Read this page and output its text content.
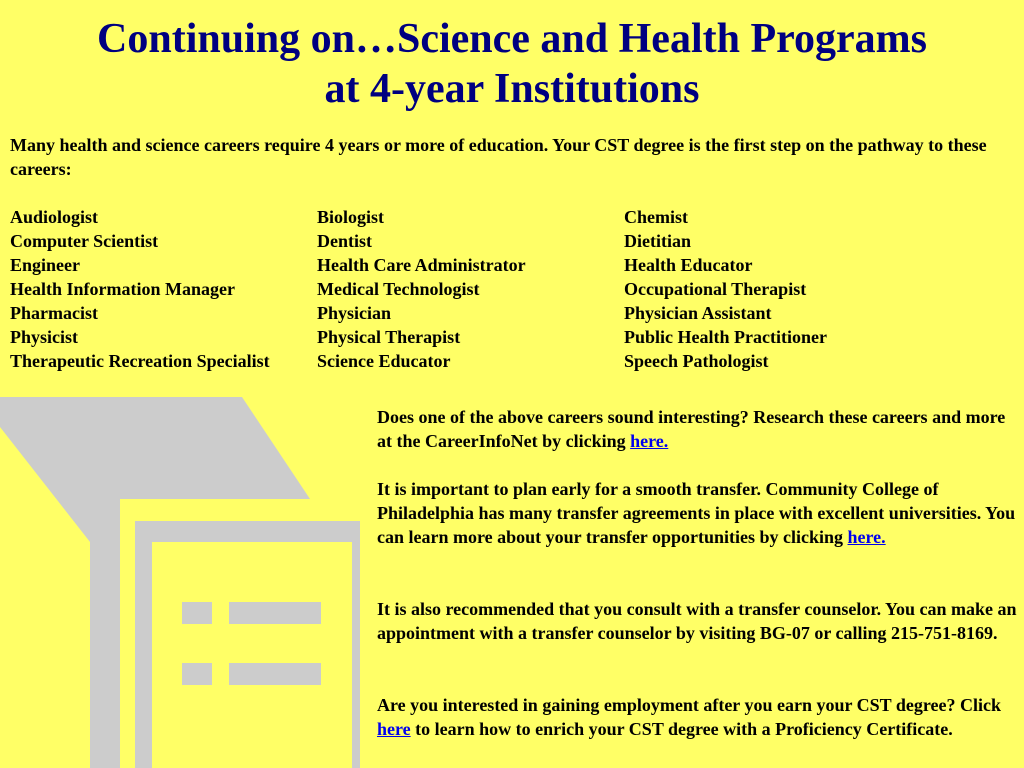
Continuing on…Science and Health Programs
at 4-year Institutions

Many health and science careers require 4 years or more of education. Your CST degree is the first step on the pathway to these careers:

Audiologist	Biologist	Chemist
Computer Scientist	Dentist	Dietitian
Engineer	Health Care Administrator	Health Educator
Health Information Manager	Medical Technologist	Occupational Therapist
Pharmacist	Physician	Physician Assistant
Physicist	Physical Therapist	Public Health Practitioner
Therapeutic Recreation Specialist	Science Educator	Speech Pathologist

Does one of the above careers sound interesting? Research these careers and more at the CareerInfoNet by clicking here.

It is important to plan early for a smooth transfer. Community College of Philadelphia has many transfer agreements in place with excellent universities. You can learn more about your transfer opportunities by clicking here.

It is also recommended that you consult with a transfer counselor. You can make an appointment with a transfer counselor by visiting BG-07 or calling 215-751-8169.

Are you interested in gaining employment after you earn your CST degree? Click here to learn how to enrich your CST degree with a Proficiency Certificate.
